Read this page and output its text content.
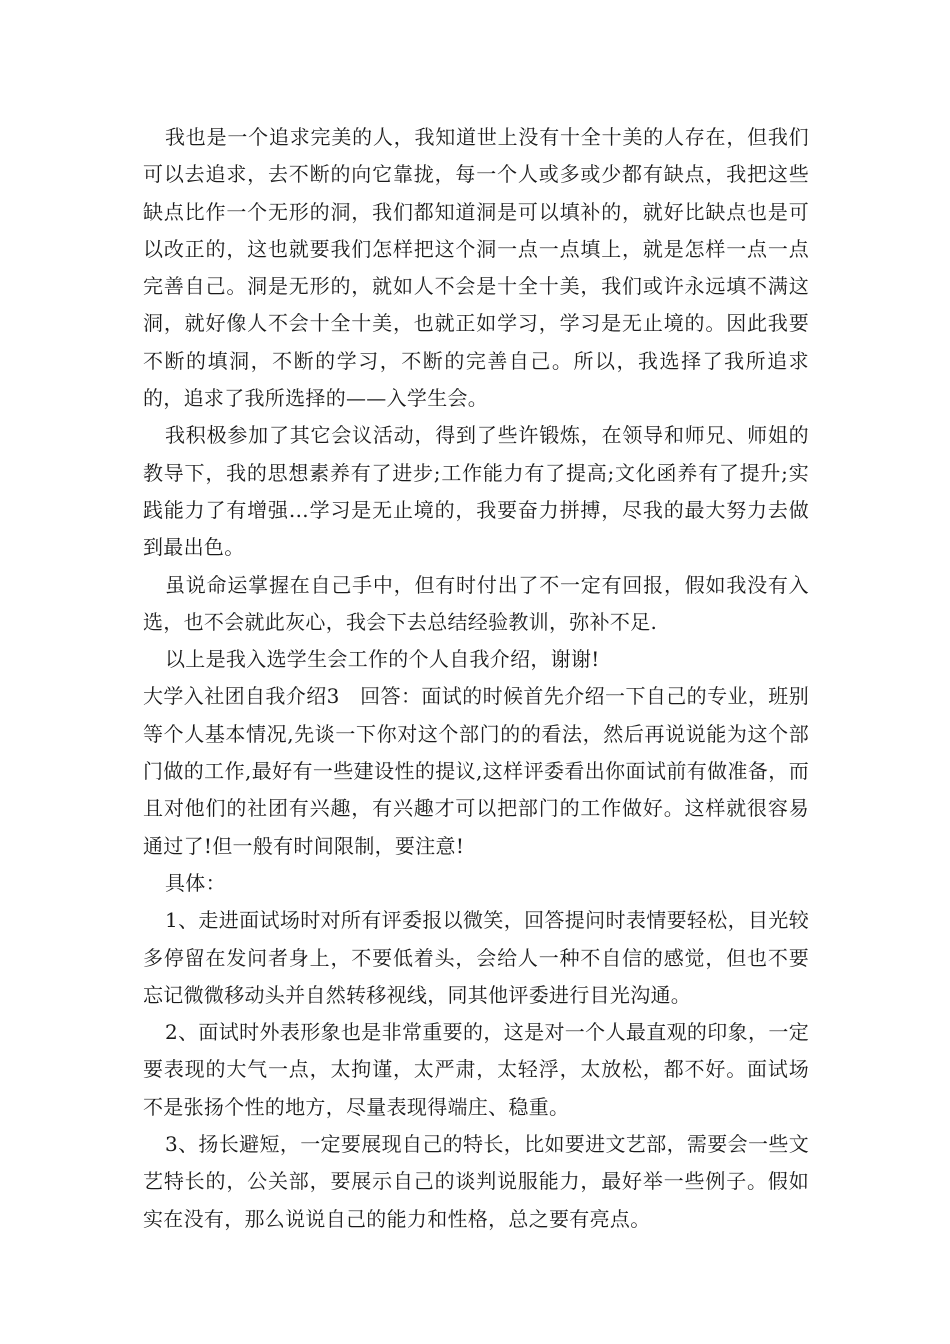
我也是一个追求完美的人，我知道世上没有十全十美的人存在，但我们可以去追求，去不断的向它靠拢，每一个人或多或少都有缺点，我把这些缺点比作一个无形的洞，我们都知道洞是可以填补的，就好比缺点也是可以改正的，这也就要我们怎样把这个洞一点一点填上，就是怎样一点一点完善自己。洞是无形的，就如人不会是十全十美，我们或许永远填不满这洞，就好像人不会十全十美，也就正如学习，学习是无止境的。因此我要不断的填洞，不断的学习，不断的完善自己。所以，我选择了我所追求的，追求了我所选择的——入学生会。

我积极参加了其它会议活动，得到了些许锻炼，在领导和师兄、师姐的教导下，我的思想素养有了进步;工作能力有了提高;文化函养有了提升;实践能力了有增强…学习是无止境的，我要奋力拼搏，尽我的最大努力去做到最出色。

虽说命运掌握在自己手中，但有时付出了不一定有回报，假如我没有入选，也不会就此灰心，我会下去总结经验教训，弥补不足.

以上是我入选学生会工作的个人自我介绍，谢谢!

大学入社团自我介绍3　回答：面试的时候首先介绍一下自己的专业，班别等个人基本情况,先谈一下你对这个部门的的看法，然后再说说能为这个部门做的工作,最好有一些建设性的提议,这样评委看出你面试前有做准备，而且对他们的社团有兴趣，有兴趣才可以把部门的工作做好。这样就很容易通过了!但一般有时间限制，要注意!

具体：

1、走进面试场时对所有评委报以微笑，回答提问时表情要轻松，目光较多停留在发问者身上，不要低着头，会给人一种不自信的感觉，但也不要忘记微微移动头并自然转移视线，同其他评委进行目光沟通。

2、面试时外表形象也是非常重要的，这是对一个人最直观的印象，一定要表现的大气一点，太拘谨，太严肃，太轻浮，太放松，都不好。面试场不是张扬个性的地方，尽量表现得端庄、稳重。

3、扬长避短，一定要展现自己的特长，比如要进文艺部，需要会一些文艺特长的，公关部，要展示自己的谈判说服能力，最好举一些例子。假如实在没有，那么说说自己的能力和性格，总之要有亮点。
